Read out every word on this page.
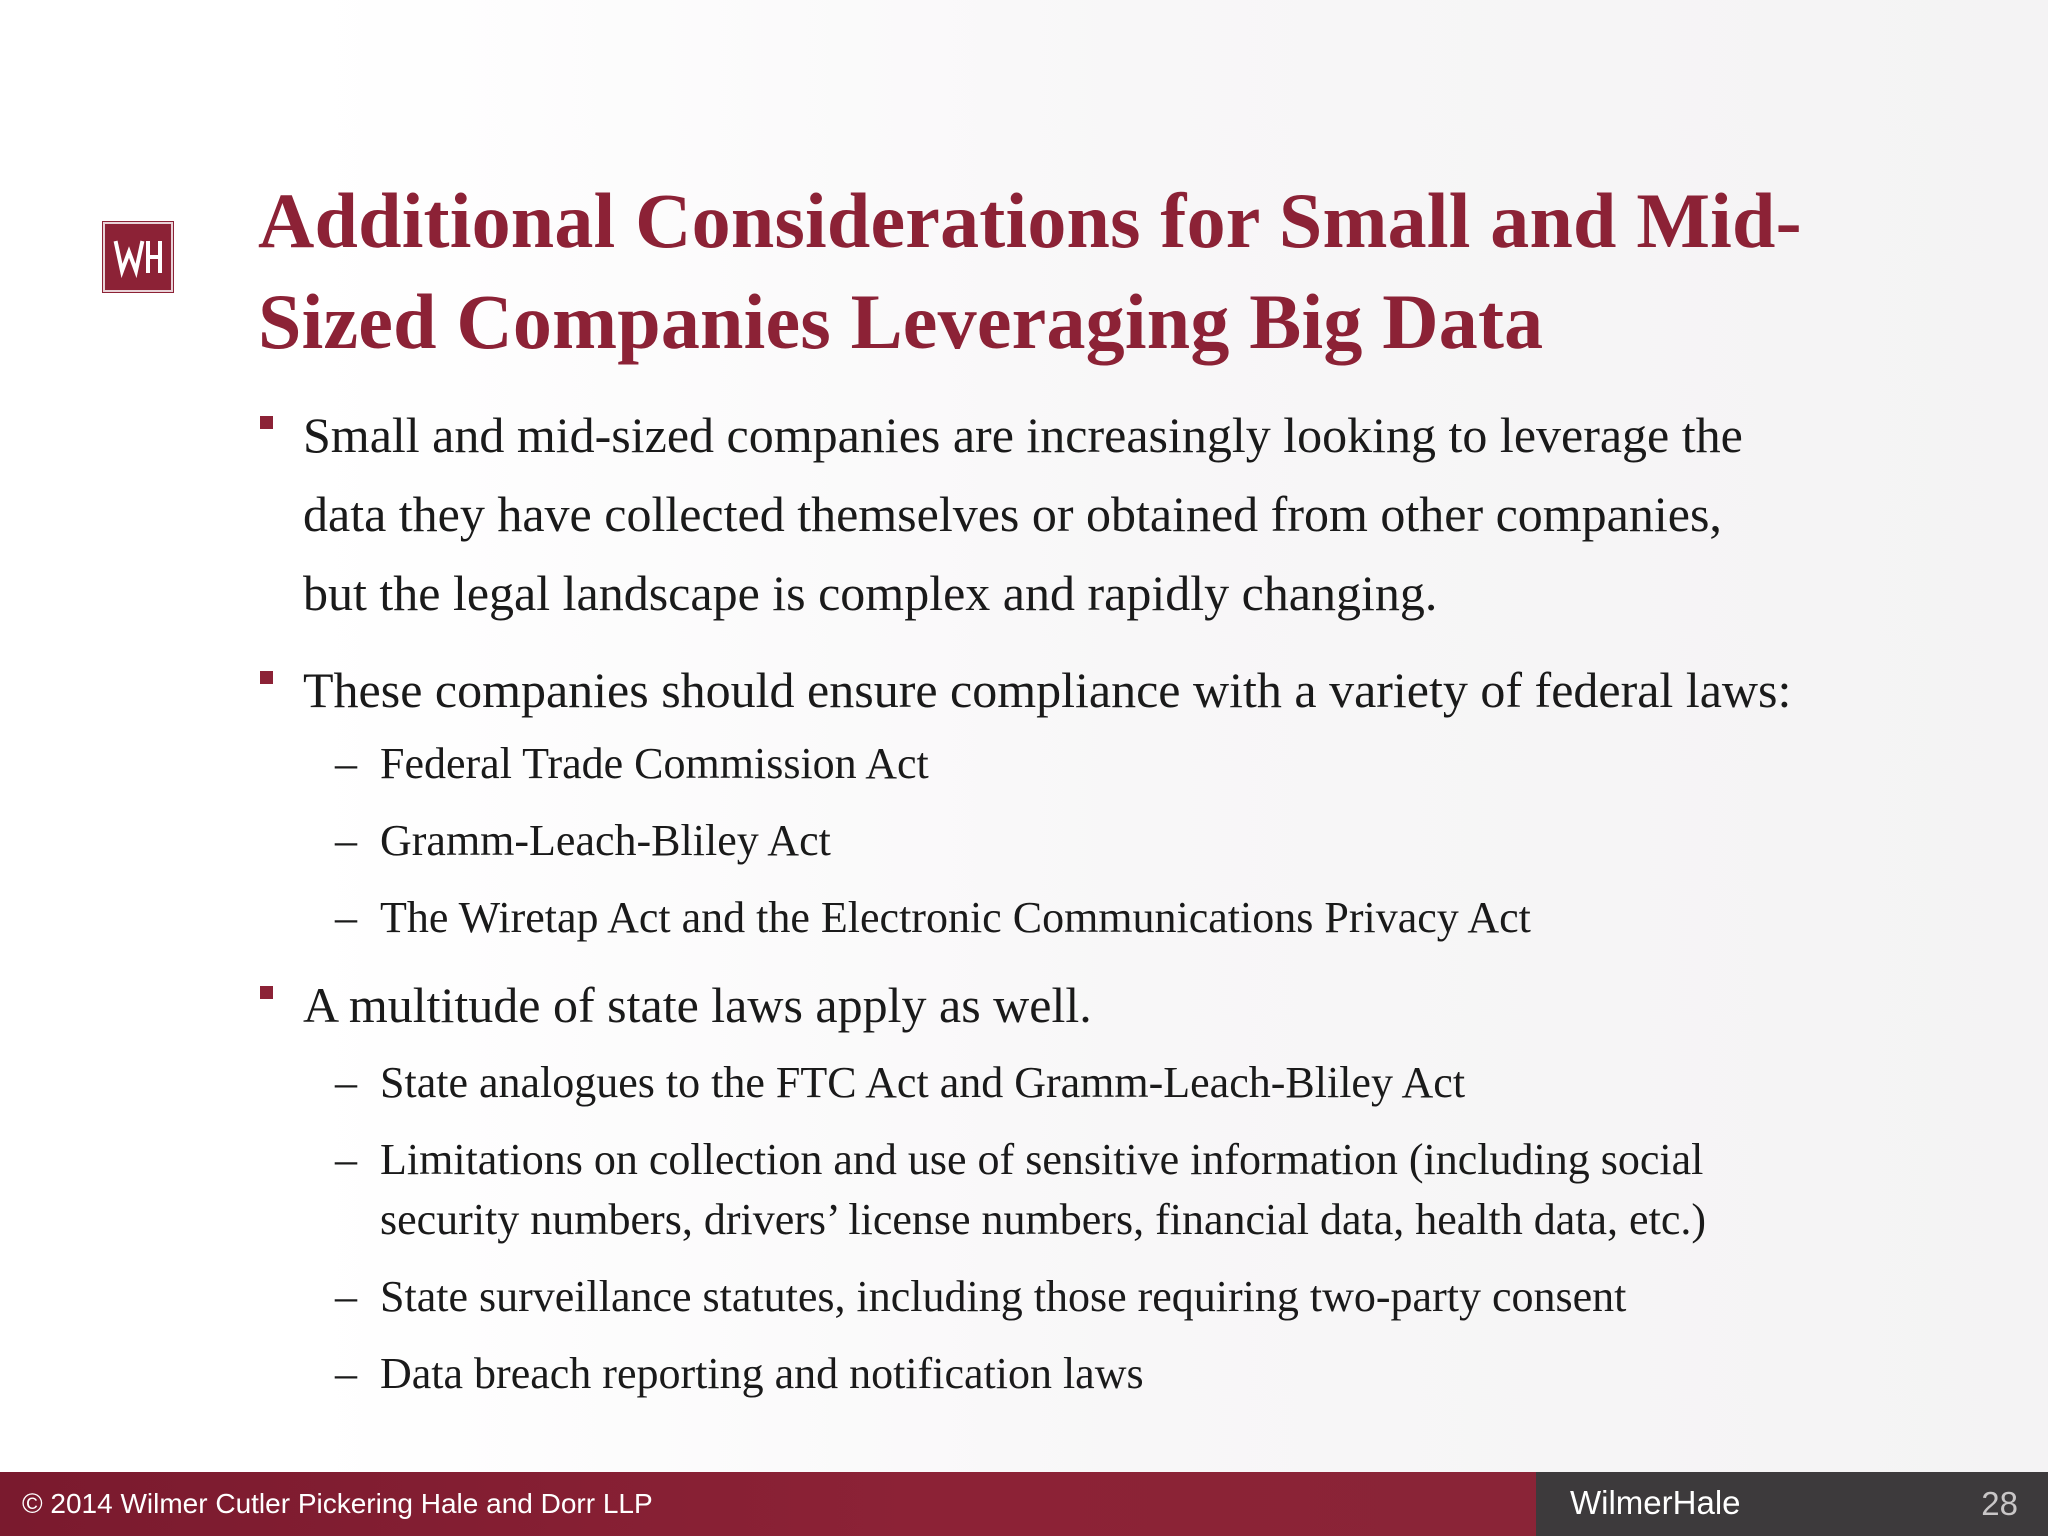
Additional Considerations for Small and Mid-
Sized Companies Leveraging Big Data
Small and mid-sized companies are increasingly looking to leverage the
data they have collected themselves or obtained from other companies,
but the legal landscape is complex and rapidly changing.
These companies should ensure compliance with a variety of federal laws:
– Federal Trade Commission Act
– Gramm-Leach-Bliley Act
– The Wiretap Act and the Electronic Communications Privacy Act
A multitude of state laws apply as well.
– State analogues to the FTC Act and Gramm-Leach-Bliley Act
– Limitations on collection and use of sensitive information (including social
security numbers, drivers’ license numbers, financial data, health data, etc.)
– State surveillance statutes, including those requiring two-party consent
– Data breach reporting and notification laws
© 2014 Wilmer Cutler Pickering Hale and Dorr LLP	WilmerHale	28
